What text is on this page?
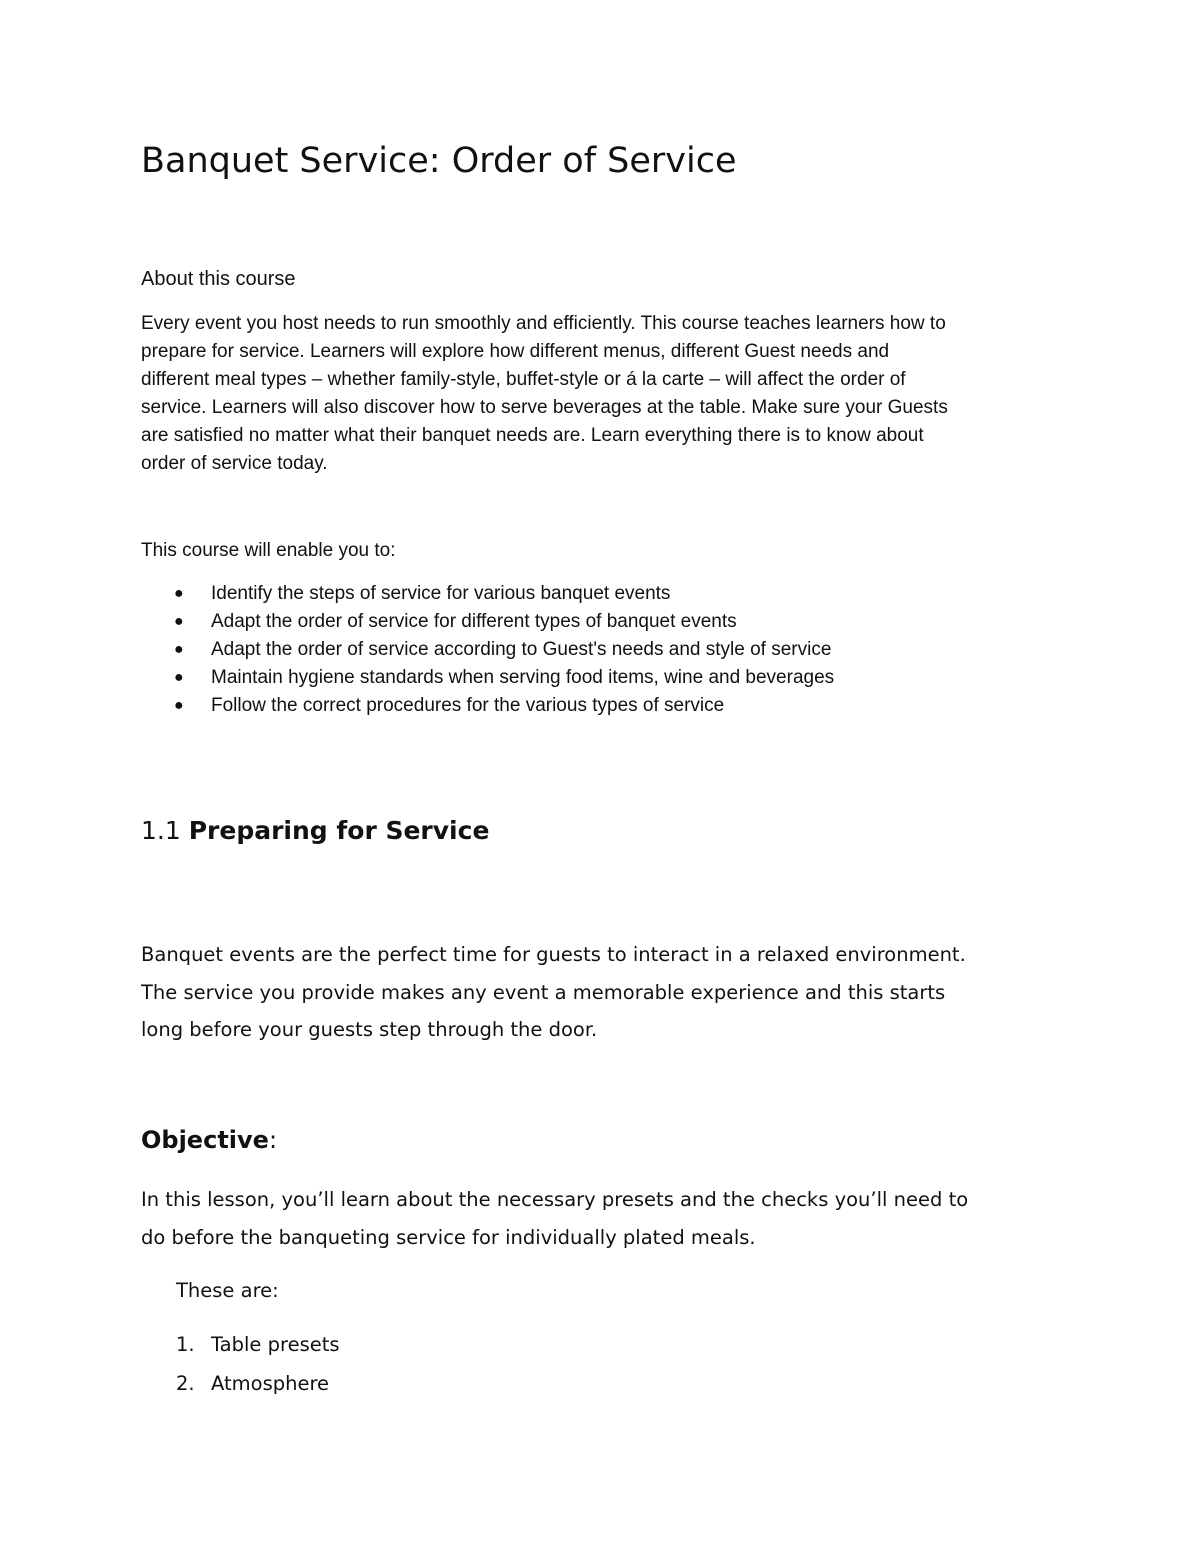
Banquet Service: Order of Service
About this course

Every event you host needs to run smoothly and efficiently. This course teaches learners how to
prepare for service. Learners will explore how different menus, different Guest needs and
different meal types – whether family-style, buffet-style or á la carte – will affect the order of
service. Learners will also discover how to serve beverages at the table. Make sure your Guests
are satisfied no matter what their banquet needs are. Learn everything there is to know about
order of service today.

This course will enable you to:

● Identify the steps of service for various banquet events
● Adapt the order of service for different types of banquet events
● Adapt the order of service according to Guest's needs and style of service
● Maintain hygiene standards when serving food items, wine and beverages
● Follow the correct procedures for the various types of service
1.1 Preparing for Service

Banquet events are the perfect time for guests to interact in a relaxed environment.
The service you provide makes any event a memorable experience and this starts
long before your guests step through the door.

Objective:

In this lesson, you’ll learn about the necessary presets and the checks you’ll need to
do before the banqueting service for individually plated meals.

These are:

1. Table presets
2. Atmosphere
